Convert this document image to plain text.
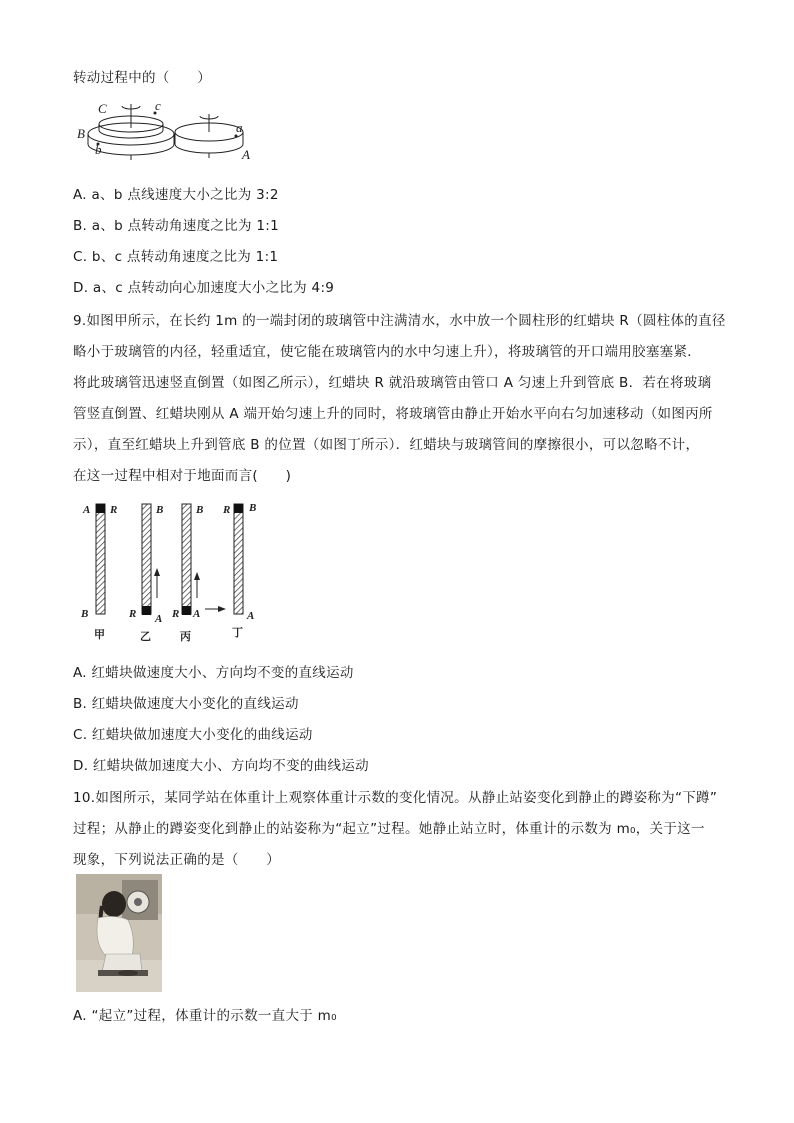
转动过程中的（　　）
C	c
B
b
a
A
A. a、b 点线速度大小之比为 3:2
B. a、b 点转动角速度之比为 1:1
C. b、c 点转动角速度之比为 1:1
D. a、c 点转动向心加速度大小之比为 4:9
9.如图甲所示，在长约 1m 的一端封闭的玻璃管中注满清水，水中放一个圆柱形的红蜡块 R（圆柱体的直径
略小于玻璃管的内径，轻重适宜，使它能在玻璃管内的水中匀速上升），将玻璃管的开口端用胶塞塞紧．
将此玻璃管迅速竖直倒置（如图乙所示），红蜡块 R 就沿玻璃管由管口 A 匀速上升到管底 B．若在将玻璃
管竖直倒置、红蜡块刚从 A 端开始匀速上升的同时，将玻璃管由静止开始水平向右匀加速移动（如图丙所
示），直至红蜡块上升到管底 B 的位置（如图丁所示）．红蜡块与玻璃管间的摩擦很小，可以忽略不计，
在这一过程中相对于地面而言(　　)
A R
B
B
R A
B
R A
R B
A
甲	乙	丙	丁
A. 红蜡块做速度大小、方向均不变的直线运动
B. 红蜡块做速度大小变化的直线运动
C. 红蜡块做加速度大小变化的曲线运动
D. 红蜡块做加速度大小、方向均不变的曲线运动
10.如图所示，某同学站在体重计上观察体重计示数的变化情况。从静止站姿变化到静止的蹲姿称为“下蹲”
过程；从静止的蹲姿变化到静止的站姿称为“起立”过程。她静止站立时，体重计的示数为 m₀，关于这一
现象，下列说法正确的是（　　）
A. “起立”过程，体重计的示数一直大于 m₀
